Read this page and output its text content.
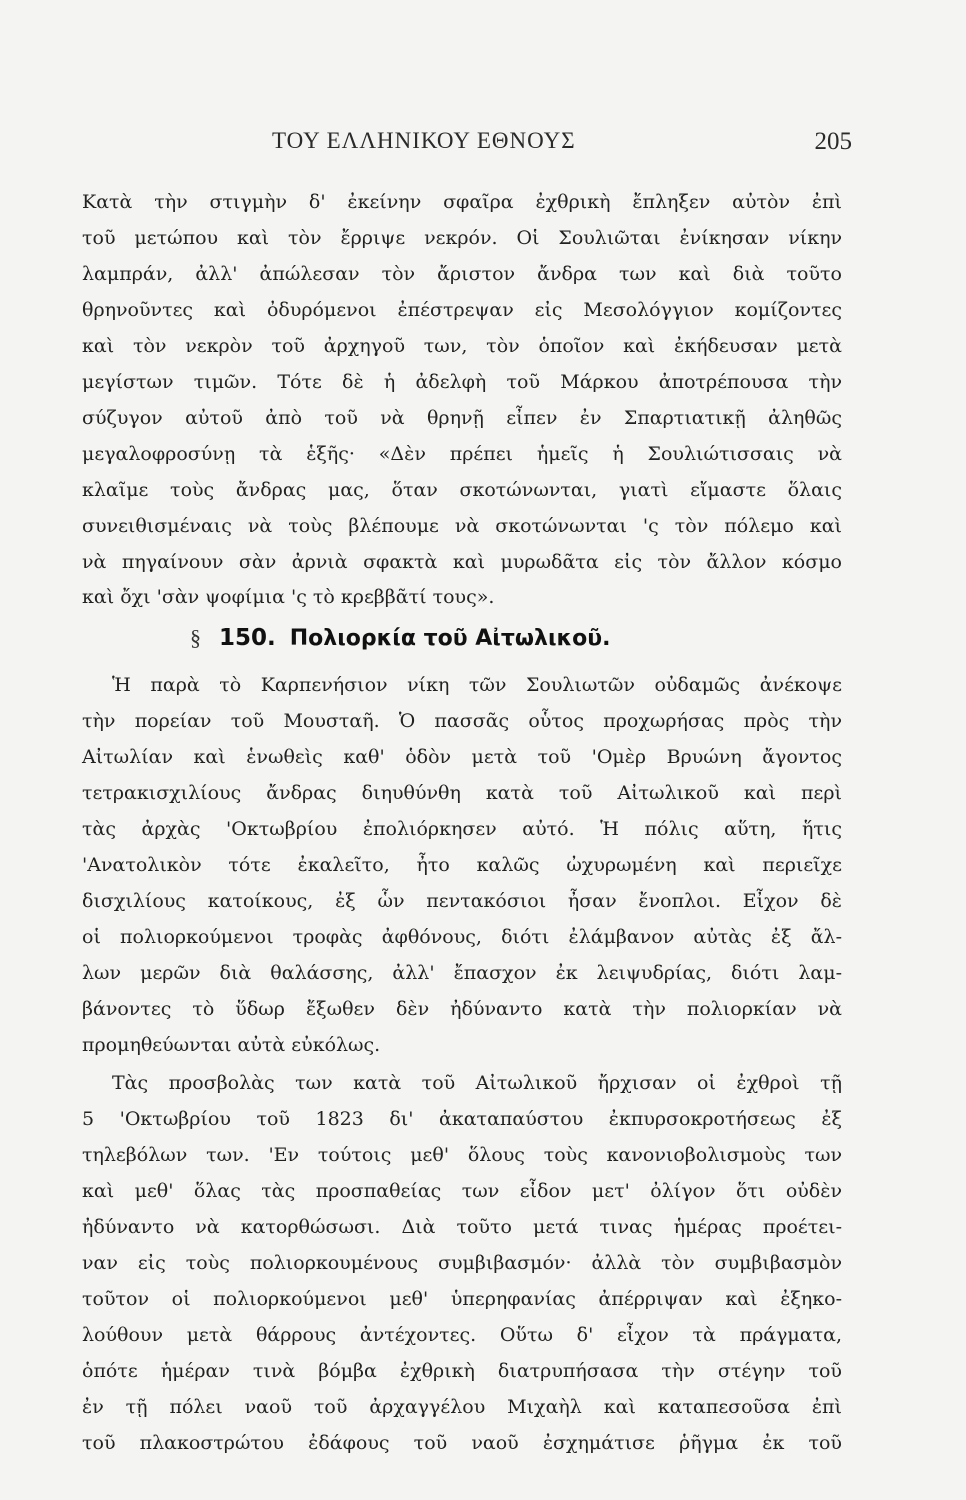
ΤΟΥ ΕΛΛΗΝΙΚΟΥ ΕΘΝΟΥΣ	205
Κατὰ τὴν στιγμὴν δ' ἐκείνην σφαῖρα ἐχθρικὴ ἔπληξεν αὐτὸν ἐπὶ
τοῦ μετώπου καὶ τὸν ἔρριψε νεκρόν. Οἱ Σουλιῶται ἐνίκησαν νίκην
λαμπράν, ἀλλ' ἀπώλεσαν τὸν ἄριστον ἄνδρα των καὶ διὰ τοῦτο
θρηνοῦντες καὶ ὀδυρόμενοι ἐπέστρεψαν εἰς Μεσολόγγιον κομίζοντες
καὶ τὸν νεκρὸν τοῦ ἀρχηγοῦ των, τὸν ὁποῖον καὶ ἐκήδευσαν μετὰ
μεγίστων τιμῶν. Τότε δὲ ἡ ἀδελφὴ τοῦ Μάρκου ἀποτρέπουσα τὴν
σύζυγον αὐτοῦ ἀπὸ τοῦ νὰ θρηνῇ εἶπεν ἐν Σπαρτιατικῇ ἀληθῶς
μεγαλοφροσύνῃ τὰ ἑξῆς· «Δὲν πρέπει ἡμεῖς ἡ Σουλιώτισσαις νὰ
κλαῖμε τοὺς ἄνδρας μας, ὅταν σκοτώνωνται, γιατὶ εἴμαστε ὅλαις
συνειθισμέναις νὰ τοὺς βλέπουμε νὰ σκοτώνωνται 'ς τὸν πόλεμο καὶ
νὰ πηγαίνουν σὰν ἀρνιὰ σφακτὰ καὶ μυρωδᾶτα εἰς τὸν ἄλλον κόσμο
καὶ ὄχι 'σὰν ψοφίμια 'ς τὸ κρεββᾶτί τους».
§ 150. Πολιορκία τοῦ Αἰτωλικοῦ.
Ἡ παρὰ τὸ Καρπενήσιον νίκη τῶν Σουλιωτῶν οὐδαμῶς ἀνέκοψε
τὴν πορείαν τοῦ Μουσταῆ. Ὁ πασσᾶς οὗτος προχωρήσας πρὸς τὴν
Αἰτωλίαν καὶ ἑνωθεὶς καθ' ὁδὸν μετὰ τοῦ 'Ομὲρ Βρυώνη ἄγοντος
τετρακισχιλίους ἄνδρας διηυθύνθη κατὰ τοῦ Αἰτωλικοῦ καὶ περὶ
τὰς ἀρχὰς 'Οκτωβρίου ἐπολιόρκησεν αὐτό. Ἡ πόλις αὕτη, ἥτις
'Ανατολικὸν τότε ἐκαλεῖτο, ἦτο καλῶς ὠχυρωμένη καὶ περιεῖχε
δισχιλίους κατοίκους, ἐξ ὧν πεντακόσιοι ἦσαν ἔνοπλοι. Εἶχον δὲ
οἱ πολιορκούμενοι τροφὰς ἀφθόνους, διότι ἐλάμβανον αὐτὰς ἐξ ἄλ-
λων μερῶν διὰ θαλάσσης, ἀλλ' ἔπασχον ἐκ λειψυδρίας, διότι λαμ-
βάνοντες τὸ ὕδωρ ἔξωθεν δὲν ἠδύναντο κατὰ τὴν πολιορκίαν νὰ
προμηθεύωνται αὐτὰ εὐκόλως.
Τὰς προσβολὰς των κατὰ τοῦ Αἰτωλικοῦ ἤρχισαν οἱ ἐχθροὶ τῇ
5 'Οκτωβρίου τοῦ 1823 δι' ἀκαταπαύστου ἐκπυρσοκροτήσεως ἐξ
τηλεβόλων των. 'Εν τούτοις μεθ' ὅλους τοὺς κανονιοβολισμοὺς των
καὶ μεθ' ὅλας τὰς προσπαθείας των εἶδον μετ' ὀλίγον ὅτι οὐδὲν
ἠδύναντο νὰ κατορθώσωσι. Διὰ τοῦτο μετά τινας ἡμέρας προέτει-
ναν εἰς τοὺς πολιορκουμένους συμβιβασμόν· ἀλλὰ τὸν συμβιβασμὸν
τοῦτον οἱ πολιορκούμενοι μεθ' ὑπερηφανίας ἀπέρριψαν καὶ ἐξηκο-
λούθουν μετὰ θάρρους ἀντέχοντες. Οὕτω δ' εἶχον τὰ πράγματα,
ὁπότε ἡμέραν τινὰ βόμβα ἐχθρικὴ διατρυπήσασα τὴν στέγην τοῦ
ἐν τῇ πόλει ναοῦ τοῦ ἀρχαγγέλου Μιχαὴλ καὶ καταπεσοῦσα ἐπὶ
τοῦ πλακοστρώτου ἐδάφους τοῦ ναοῦ ἐσχημάτισε ῥῆγμα ἐκ τοῦ
